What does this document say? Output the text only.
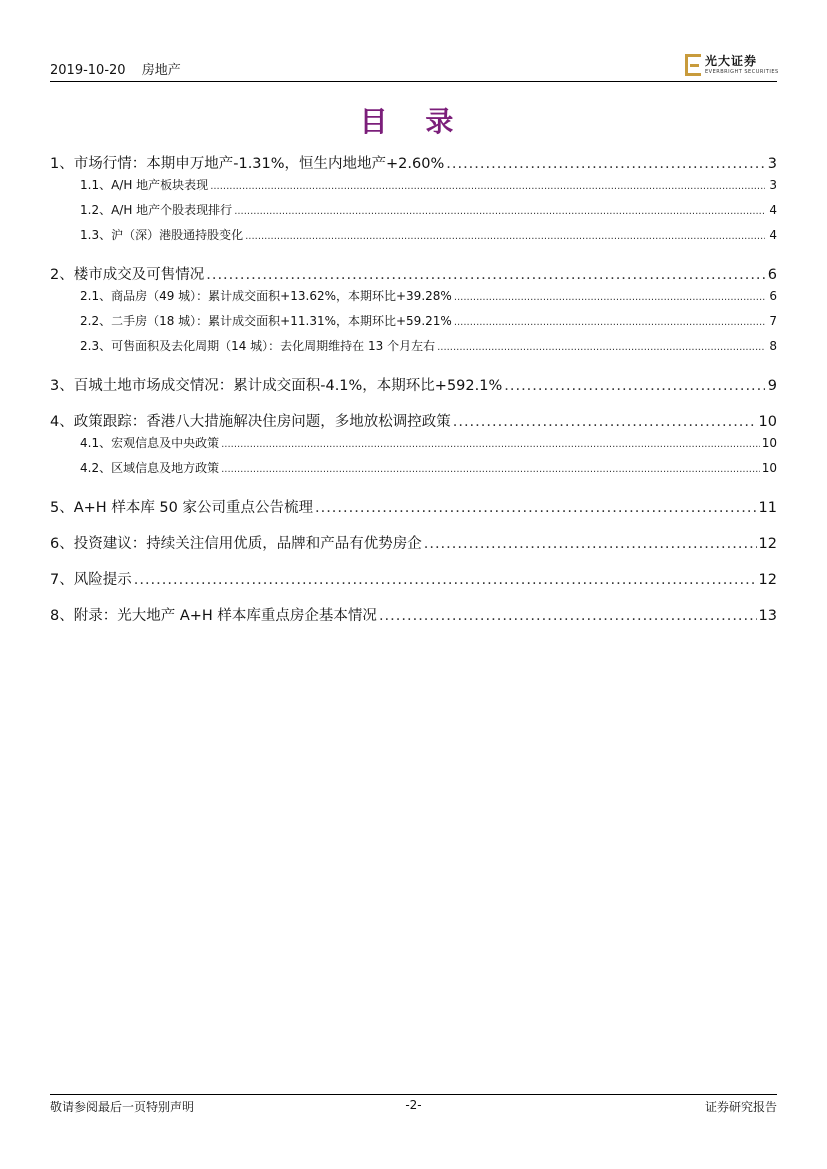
2019-10-20 房地产
光大证券
EVERBRIGHT SECURITIES
目 录
1、 市场行情：本期申万地产-1.31%，恒生内地地产+2.60% .....	3
1.1、 A/H 地产板块表现 .....	3
1.2、 A/H 地产个股表现排行 .....	4
1.3、 沪（深）港股通持股变化 .....	4
2、 楼市成交及可售情况 .....	6
2.1、 商品房（49 城）：累计成交面积+13.62%，本期环比+39.28% .....	6
2.2、 二手房（18 城）：累计成交面积+11.31%，本期环比+59.21% .....	7
2.3、 可售面积及去化周期（14 城）：去化周期维持在 13 个月左右 .....	8
3、 百城土地市场成交情况：累计成交面积-4.1%，本期环比+592.1% .....	9
4、 政策跟踪：香港八大措施解决住房问题，多地放松调控政策 .....	10
4.1、 宏观信息及中央政策 .....	10
4.2、 区域信息及地方政策 .....	10
5、 A+H 样本库 50 家公司重点公告梳理 .....	11
6、 投资建议：持续关注信用优质，品牌和产品有优势房企 .....	12
7、 风险提示 .....	12
8、 附录：光大地产 A+H 样本库重点房企基本情况 .....	13
敬请参阅最后一页特别声明	-2-	证券研究报告
